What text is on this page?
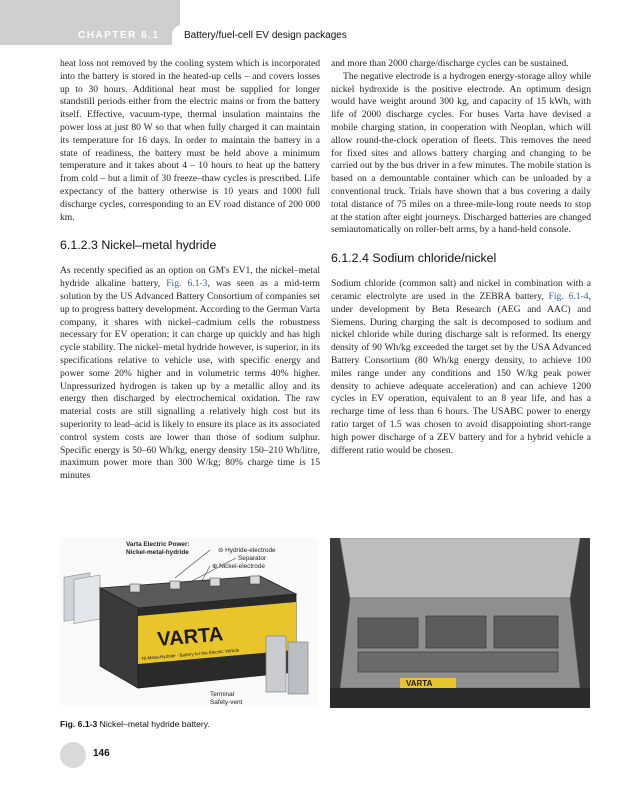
CHAPTER 6.1 Battery/fuel-cell EV design packages

heat loss not removed by the cooling system which is incorporated into the battery is stored in the heated-up cells – and covers losses up to 30 hours. Additional heat must be supplied for longer standstill periods either from the electric mains or from the battery itself. Effective, vacuum-type, thermal insulation maintains the power loss at just 80 W so that when fully charged it can maintain its temperature for 16 days. In order to maintain the battery in a state of readiness, the battery must be held above a minimum temperature and it takes about 4 – 10 hours to heat up the battery from cold – but a limit of 30 freeze–thaw cycles is prescribed. Life expectancy of the battery otherwise is 10 years and 1000 full discharge cycles, corresponding to an EV road distance of 200 000 km.

6.1.2.3 Nickel–metal hydride

As recently specified as an option on GM's EV1, the nickel–metal hydride alkaline battery, Fig. 6.1-3, was seen as a mid-term solution by the US Advanced Battery Consortium of companies set up to progress battery development. According to the German Varta company, it shares with nickel–cadmium cells the robustness necessary for EV operation; it can charge up quickly and has high cycle stability. The nickel–metal hydride however, is superior, in its specifications relative to vehicle use, with specific energy and power some 20% higher and in volumetric terms 40% higher. Unpressurized hydrogen is taken up by a metallic alloy and its energy then discharged by electrochemical oxidation. The raw material costs are still signalling a relatively high cost but its superiority to lead–acid is likely to ensure its place as its associated control system costs are lower than those of sodium sulphur. Specific energy is 50–60 Wh/kg, energy density 150–210 Wh/litre, maximum power more than 300 W/kg; 80% charge time is 15 minutes

and more than 2000 charge/discharge cycles can be sustained.

The negative electrode is a hydrogen energy-storage alloy while nickel hydroxide is the positive electrode. An optimum design would have weight around 300 kg, and capacity of 15 kWh, with life of 2000 discharge cycles. For buses Varta have devised a mobile charging station, in cooperation with Neoplan, which will allow round-the-clock operation of fleets. This removes the need for fixed sites and allows battery charging and changing to be carried out by the bus driver in a few minutes. The mobile station is based on a demountable container which can be unloaded by a conventional truck. Trials have shown that a bus covering a daily total distance of 75 miles on a three-mile-long route needs to stop at the station after eight journeys. Discharged batteries are changed semiautomatically on roller-belt arms, by a hand-held console.

6.1.2.4 Sodium chloride/nickel

Sodium chloride (common salt) and nickel in combination with a ceramic electrolyte are used in the ZEBRA battery, Fig. 6.1-4, under development by Beta Research (AEG and AAC) and Siemens. During charging the salt is decomposed to sodium and nickel chloride while during discharge salt is reformed. Its energy density of 90 Wh/kg exceeded the target set by the USA Advanced Battery Consortium (80 Wh/kg energy density, to achieve 100 miles range under any conditions and 150 W/kg peak power density to achieve adequate acceleration) and can achieve 1200 cycles in EV operation, equivalent to an 8 year life, and has a recharge time of less than 6 hours. The USABC power to energy ratio target of 1.5 was chosen to avoid disappointing short-range high power discharge of a ZEV battery and for a hybrid vehicle a different ratio would be chosen.

Varta Electric Power:
Nickel-metal-hydride	⊖ Hydride-electrode
Separator
⊕ Nickel-electrode
VARTA
Ni-Metal-Hydride · Battery for the Electric Vehicle
Terminal
Safety-vent
VARTA
Fig. 6.1-3 Nickel–metal hydride battery.
146
